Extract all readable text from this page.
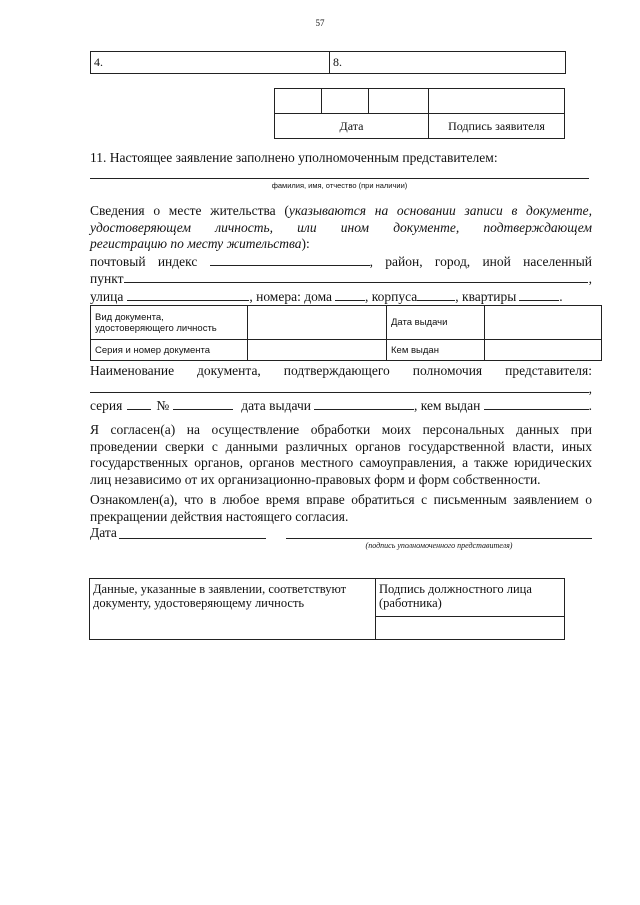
57
4.	8.

Дата			Подпись заявителя
11. Настоящее заявление заполнено уполномоченным представителем:
фамилия, имя, отчество (при наличии)
Сведения о месте жительства (указываются на основании записи в документе,
удостоверяющем личность, или ином документе, подтверждающем
регистрацию по месту жительства):
почтовый индекс	, район, город, иной населенный
пункт	,
улица	, номера: дома , корпуса	, квартиры	.
Вид документа, удостоверяющего личность		Дата выдачи	
Серия и номер документа		Кем выдан	
Наименование документа, подтверждающего полномочия представителя:
,
серия	№	дата выдачи	, кем выдан	.
Я согласен(а) на осуществление обработки моих персональных данных при проведении сверки с данными различных органов государственной власти, иных государственных органов, органов местного самоуправления, а также юридических лиц независимо от их организационно-правовых форм и форм собственности.
Ознакомлен(а), что в любое время вправе обратиться с письменным заявлением о прекращении действия настоящего согласия.
Дата
(подпись уполномоченного представителя)
Данные, указанные в заявлении, соответствуют документу, удостоверяющему личность	Подпись должностного лица (работника)
